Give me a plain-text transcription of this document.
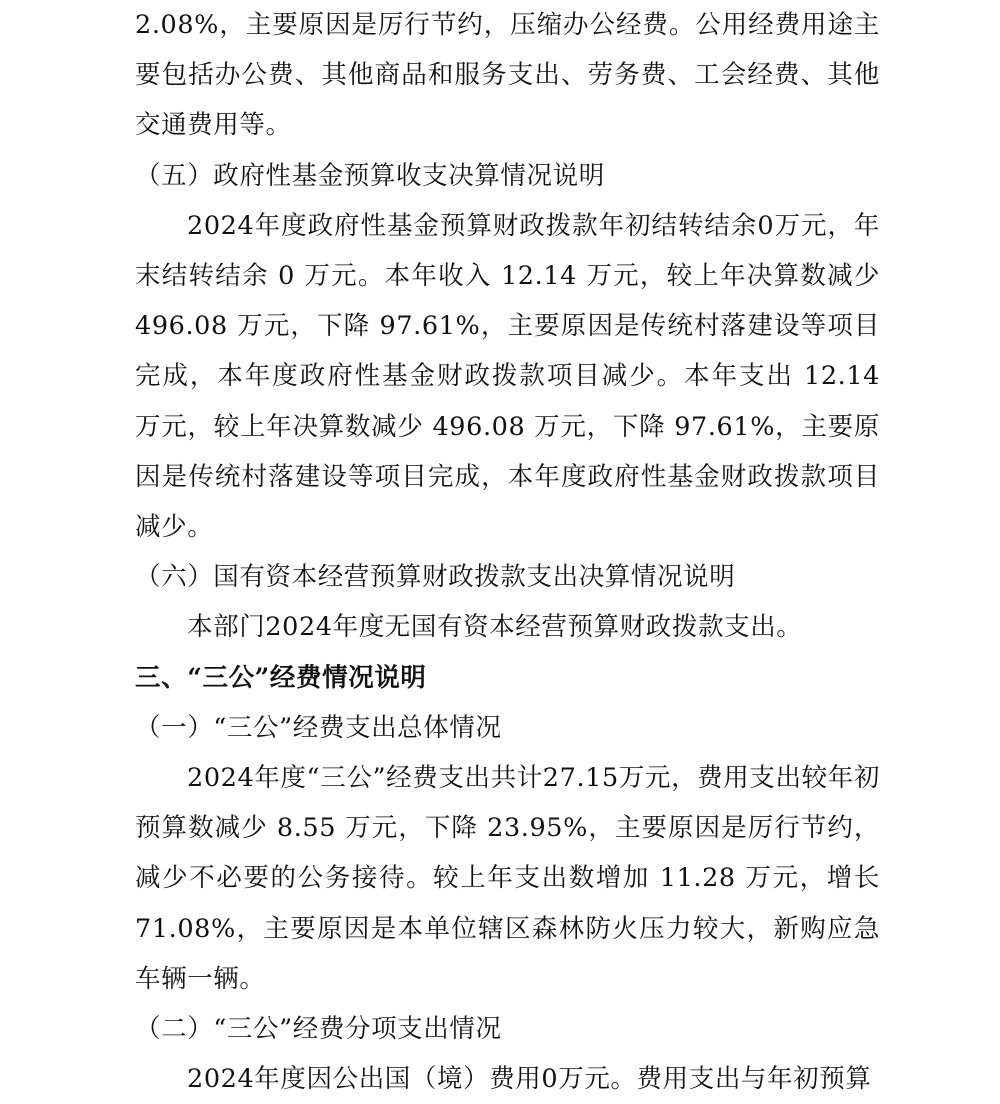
2.08%，主要原因是厉行节约，压缩办公经费。公用经费用途主要包括办公费、其他商品和服务支出、劳务费、工会经费、其他交通费用等。

（五）政府性基金预算收支决算情况说明

2024年度政府性基金预算财政拨款年初结转结余0万元，年末结转结余 0 万元。本年收入 12.14 万元，较上年决算数减少 496.08 万元，下降 97.61%，主要原因是传统村落建设等项目完成，本年度政府性基金财政拨款项目减少。本年支出 12.14 万元，较上年决算数减少 496.08 万元，下降 97.61%，主要原因是传统村落建设等项目完成，本年度政府性基金财政拨款项目减少。

（六）国有资本经营预算财政拨款支出决算情况说明

本部门2024年度无国有资本经营预算财政拨款支出。

三、“三公”经费情况说明

（一）“三公”经费支出总体情况

2024年度“三公”经费支出共计27.15万元，费用支出较年初预算数减少 8.55 万元，下降 23.95%，主要原因是厉行节约，减少不必要的公务接待。较上年支出数增加 11.28 万元，增长71.08%，主要原因是本单位辖区森林防火压力较大，新购应急车辆一辆。

（二）“三公”经费分项支出情况

2024年度因公出国（境）费用0万元。费用支出与年初预算
